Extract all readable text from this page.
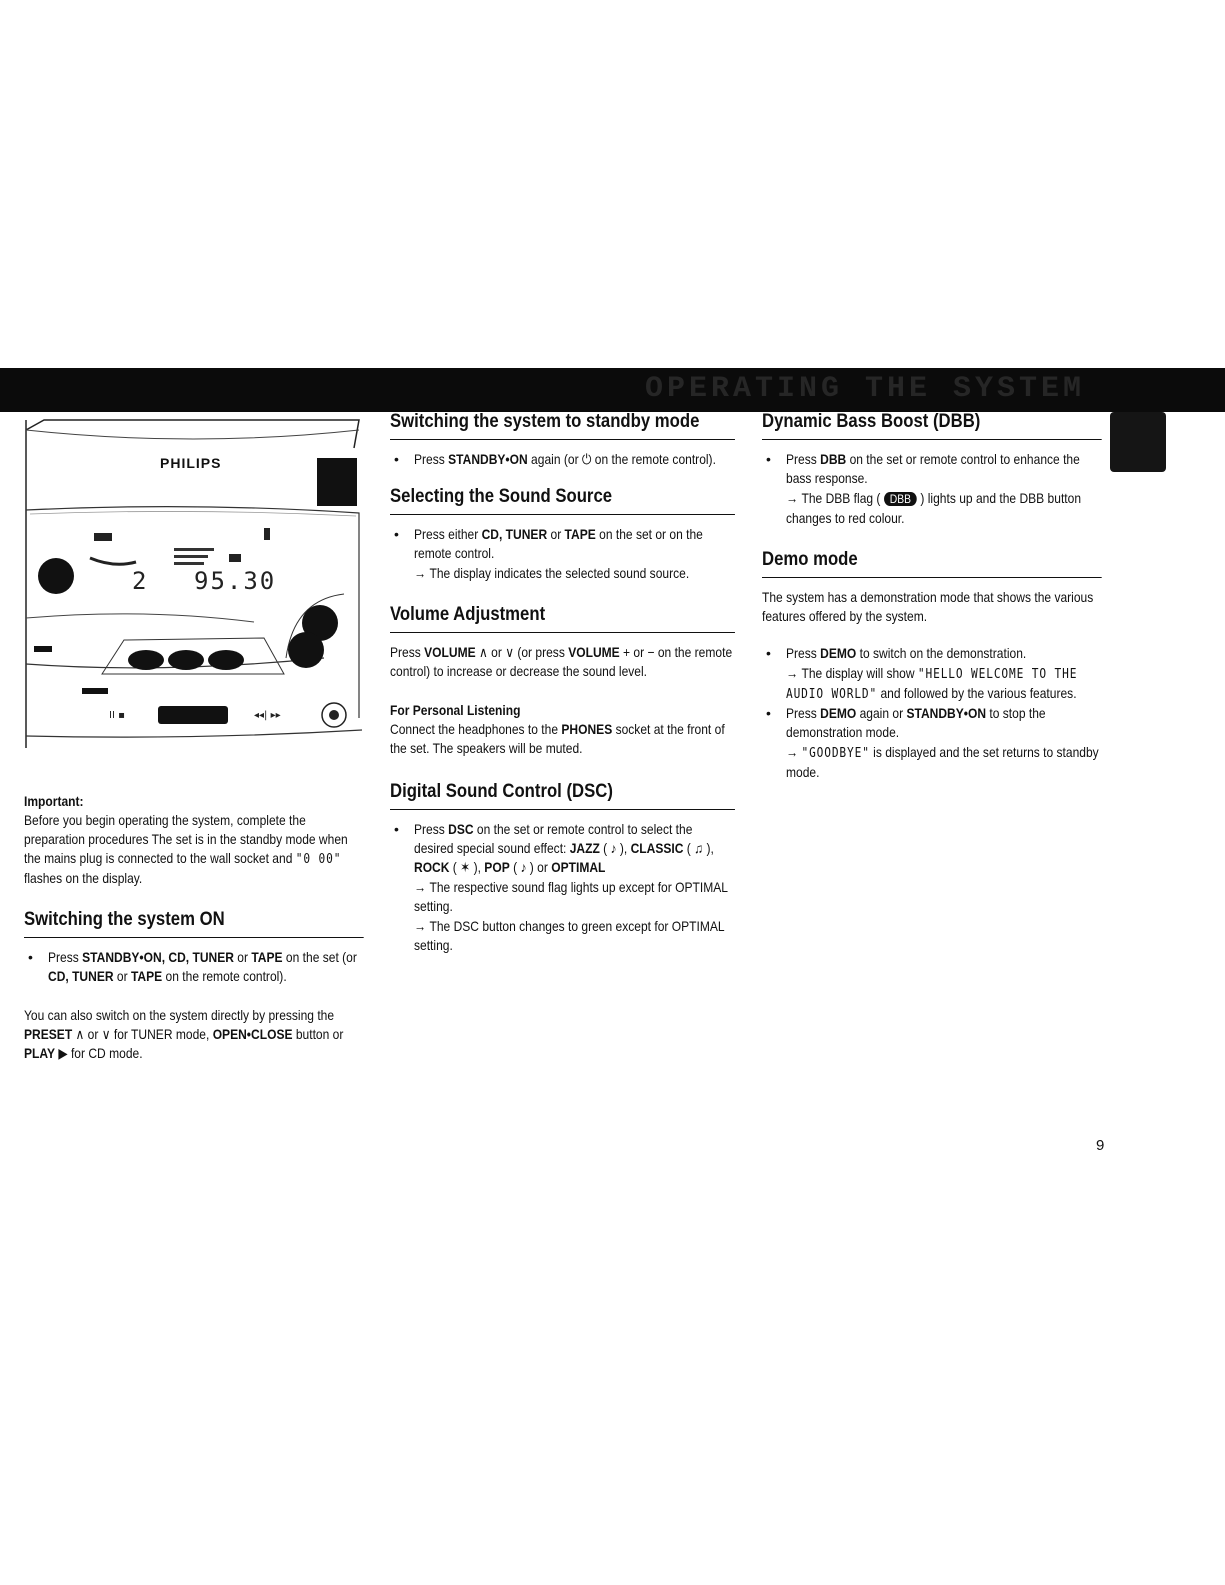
OPERATING THE SYSTEM
II ▪	◂◂| ▸▸
PHILIPS
2 95.30

Important:
Before you begin operating the system, complete the preparation procedures The set is in the standby mode when the mains plug is connected to the wall socket and "0 00" flashes on the display.

Switching the system ON
• Press STANDBY•ON, CD, TUNER or TAPE on the set (or CD, TUNER or TAPE on the remote control).

You can also switch on the system directly by pressing the PRESET ∧ or ∨ for TUNER mode, OPEN•CLOSE button or PLAY ▶ for CD mode.

Switching the system to standby mode
• Press STANDBY•ON again (or ⏻ on the remote control).
Selecting the Sound Source
• Press either CD, TUNER or TAPE on the set or on the remote control.

→ The display indicates the selected sound source.

Volume Adjustment

Press VOLUME ∧ or ∨ (or press VOLUME + or − on the remote control) to increase or decrease the sound level.

For Personal Listening
Connect the headphones to the PHONES socket at the front of the set. The speakers will be muted.

Digital Sound Control (DSC)
• Press DSC on the set or remote control to select the desired special sound effect: JAZZ ( ♪ ), CLASSIC ( ♫ ), ROCK ( ✶ ), POP ( ♪ ) or OPTIMAL

→ The respective sound flag lights up except for OPTIMAL setting.

→ The DSC button changes to green except for OPTIMAL setting.

Dynamic Bass Boost (DBB)
• Press DBB on the set or remote control to enhance the bass response.

→ The DBB flag ( DBB ) lights up and the DBB button changes to red colour.

Demo mode

The system has a demonstration mode that shows the various features offered by the system.

• Press DEMO to switch on the demonstration.

→ The display will show "HELLO WELCOME TO THE AUDIO WORLD" and followed by the various features.

• Press DEMO again or STANDBY•ON to stop the demonstration mode.

→ "GOODBYE" is displayed and the set returns to standby mode.

9
